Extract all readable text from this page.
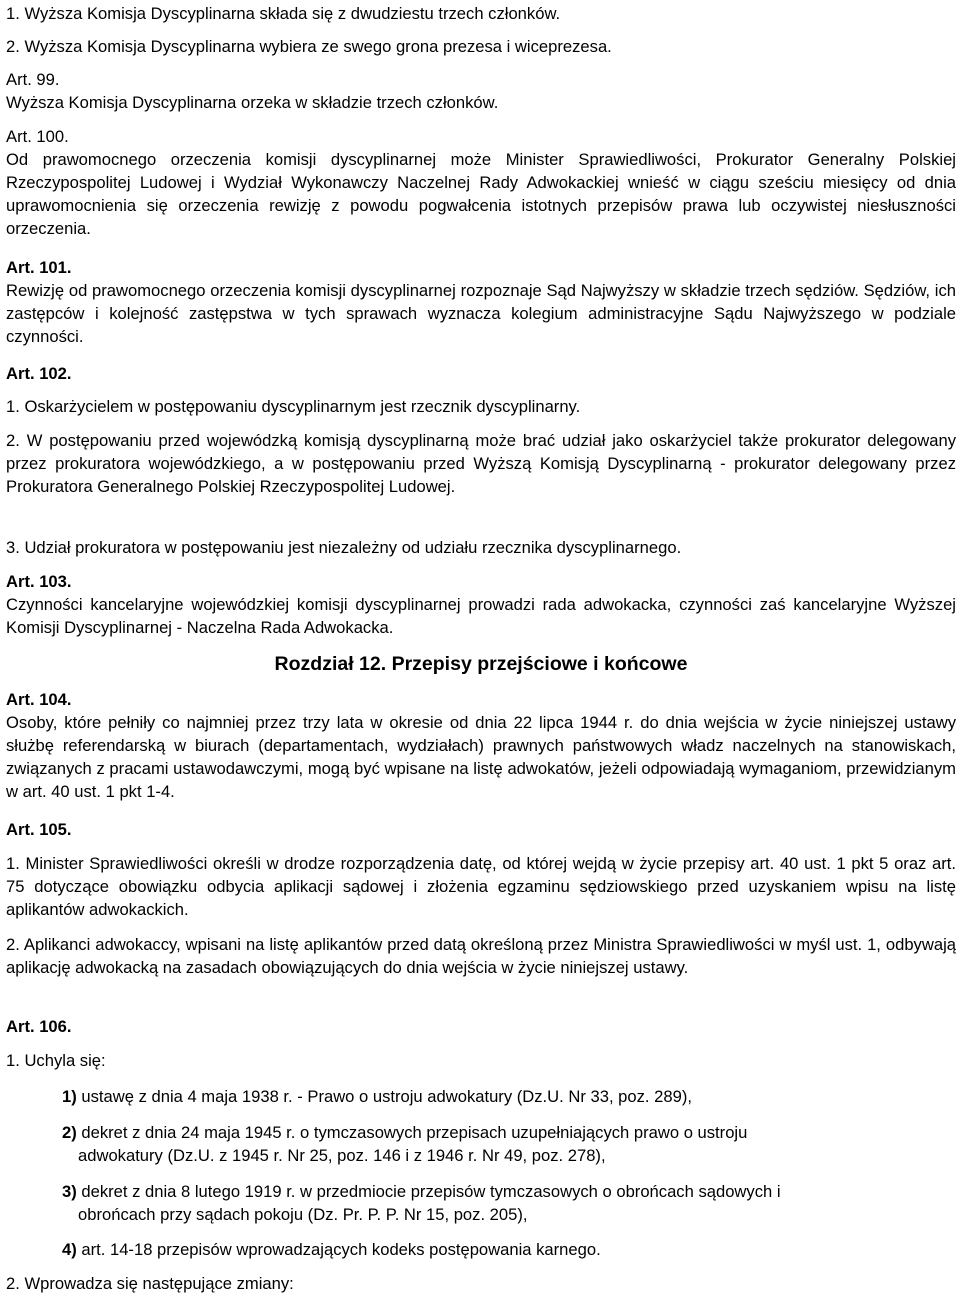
1. Wyższa Komisja Dyscyplinarna składa się z dwudziestu trzech członków.
2. Wyższa Komisja Dyscyplinarna wybiera ze swego grona prezesa i wiceprezesa.
Art. 99.
Wyższa Komisja Dyscyplinarna orzeka w składzie trzech członków.
Art. 100.
Od prawomocnego orzeczenia komisji dyscyplinarnej może Minister Sprawiedliwości, Prokurator Generalny Polskiej Rzeczypospolitej Ludowej i Wydział Wykonawczy Naczelnej Rady Adwokackiej wnieść w ciągu sześciu miesięcy od dnia uprawomocnienia się orzeczenia rewizję z powodu pogwałcenia istotnych przepisów prawa lub oczywistej niesłuszności orzeczenia.
Art. 101.
Rewizję od prawomocnego orzeczenia komisji dyscyplinarnej rozpoznaje Sąd Najwyższy w składzie trzech sędziów. Sędziów, ich zastępców i kolejność zastępstwa w tych sprawach wyznacza kolegium administracyjne Sądu Najwyższego w podziale czynności.
Art. 102.
1. Oskarżycielem w postępowaniu dyscyplinarnym jest rzecznik dyscyplinarny.
2. W postępowaniu przed wojewódzką komisją dyscyplinarną może brać udział jako oskarżyciel także prokurator delegowany przez prokuratora wojewódzkiego, a w postępowaniu przed Wyższą Komisją Dyscyplinarną - prokurator delegowany przez Prokuratora Generalnego Polskiej Rzeczypospolitej Ludowej.
3. Udział prokuratora w postępowaniu jest niezależny od udziału rzecznika dyscyplinarnego.
Art. 103.
Czynności kancelaryjne wojewódzkiej komisji dyscyplinarnej prowadzi rada adwokacka, czynności zaś kancelaryjne Wyższej Komisji Dyscyplinarnej - Naczelna Rada Adwokacka.
Rozdział 12. Przepisy przejściowe i końcowe
Art. 104.
Osoby, które pełniły co najmniej przez trzy lata w okresie od dnia 22 lipca 1944 r. do dnia wejścia w życie niniejszej ustawy służbę referendarską w biurach (departamentach, wydziałach) prawnych państwowych władz naczelnych na stanowiskach, związanych z pracami ustawodawczymi, mogą być wpisane na listę adwokatów, jeżeli odpowiadają wymaganiom, przewidzianym w art. 40 ust. 1 pkt 1-4.
Art. 105.
1. Minister Sprawiedliwości określi w drodze rozporządzenia datę, od której wejdą w życie przepisy art. 40 ust. 1 pkt 5 oraz art. 75 dotyczące obowiązku odbycia aplikacji sądowej i złożenia egzaminu sędziowskiego przed uzyskaniem wpisu na listę aplikantów adwokackich.
2. Aplikanci adwokaccy, wpisani na listę aplikantów przed datą określoną przez Ministra Sprawiedliwości w myśl ust. 1, odbywają aplikację adwokacką na zasadach obowiązujących do dnia wejścia w życie niniejszej ustawy.
Art. 106.
1. Uchyla się:
1) ustawę z dnia 4 maja 1938 r. - Prawo o ustroju adwokatury (Dz.U. Nr 33, poz. 289),
2) dekret z dnia 24 maja 1945 r. o tymczasowych przepisach uzupełniających prawo o ustroju
adwokatury (Dz.U. z 1945 r. Nr 25, poz. 146 i z 1946 r. Nr 49, poz. 278),
3) dekret z dnia 8 lutego 1919 r. w przedmiocie przepisów tymczasowych o obrońcach sądowych i
obrońcach przy sądach pokoju (Dz. Pr. P. P. Nr 15, poz. 205),
4) art. 14-18 przepisów wprowadzających kodeks postępowania karnego.
2. Wprowadza się następujące zmiany:
